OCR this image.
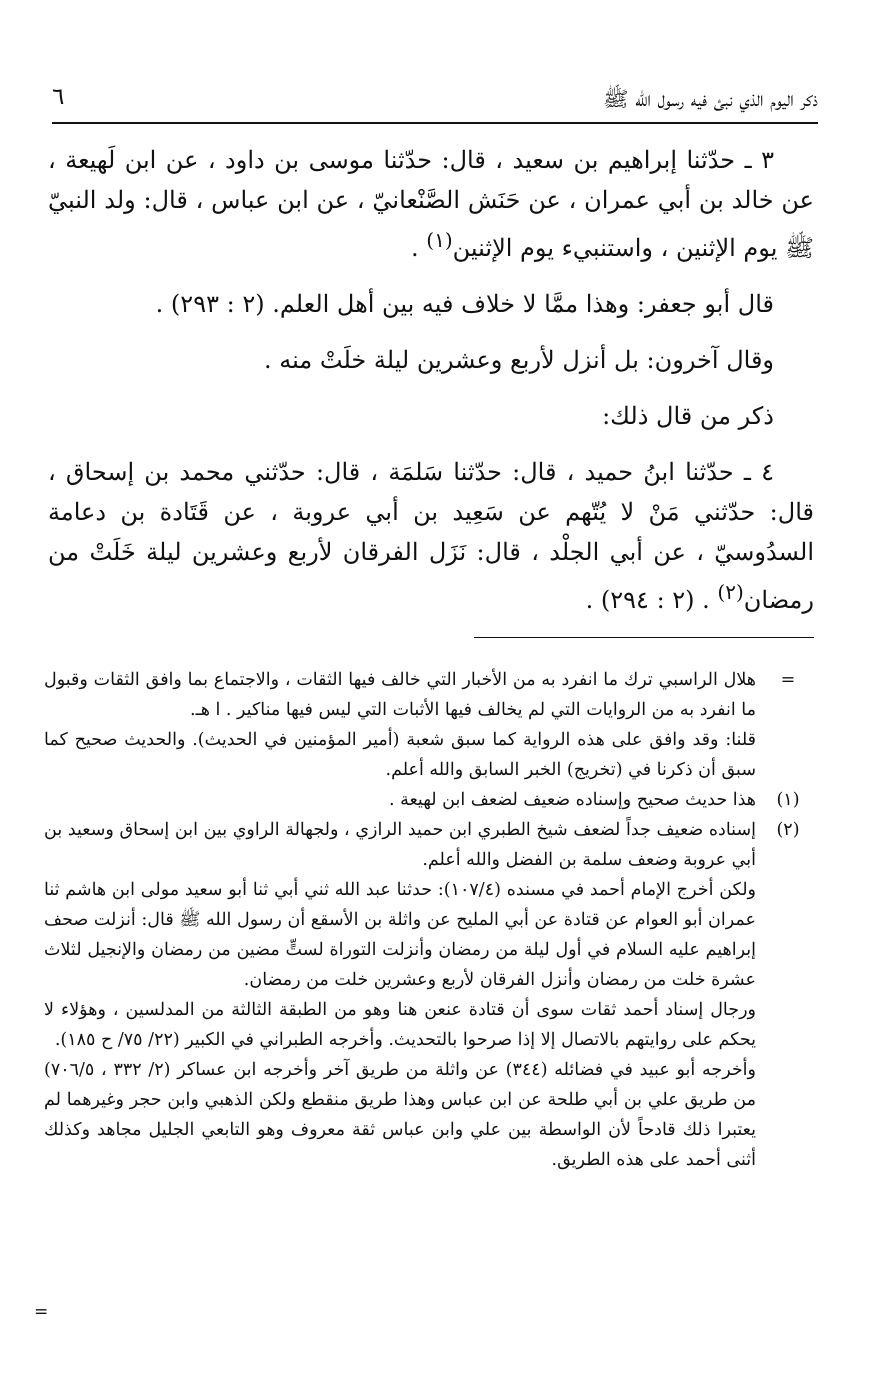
ذكر اليوم الذي نبئ فيه رسول الله ﷺ
٦

٣ ـ حدّثنا إبراهيم بن سعيد ، قال: حدّثنا موسى بن داود ، عن ابن لَهيعة ، عن خالد بن أبي عمران ، عن حَنَش الصَّنْعانيّ ، عن ابن عباس ، قال: ولد النبيّ ﷺ يوم الإثنين ، واستنبيء يوم الإثنين$^{(١)}$ .

قال أبو جعفر: وهذا ممَّا لا خلاف فيه بين أهل العلم. (٢ : ٢٩٣) .

وقال آخرون: بل أنزل لأربع وعشرين ليلة خلَتْ منه .

ذكر من قال ذلك:

٤ ـ حدّثنا ابنُ حميد ، قال: حدّثنا سَلمَة ، قال: حدّثني محمد بن إسحاق ، قال: حدّثني مَنْ لا يُتّهم عن سَعِيد بن أبي عروبة ، عن قَتَادة بن دعامة السدُوسيّ ، عن أبي الجلْد ، قال: نَزَل الفرقان لأربع وعشرين ليلة خَلَتْ من رمضان$^{(٢)}$ . (٢ : ٢٩٤) .

=

هلال الراسبي ترك ما انفرد به من الأخبار التي خالف فيها الثقات ، والاجتماع بما وافق الثقات وقبول ما انفرد به من الروايات التي لم يخالف فيها الأثبات التي ليس فيها مناكير . ا هـ.

قلنا: وقد وافق على هذه الرواية كما سبق شعبة (أمير المؤمنين في الحديث). والحديث صحيح كما سبق أن ذكرنا في (تخريج) الخبر السابق والله أعلم.

(١)

هذا حديث صحيح وإسناده ضعيف لضعف ابن لهيعة .

(٢)

إسناده ضعيف جداً لضعف شيخ الطبري ابن حميد الرازي ، ولجهالة الراوي بين ابن إسحاق وسعيد بن أبي عروبة وضعف سلمة بن الفضل والله أعلم.

ولكن أخرج الإمام أحمد في مسنده (١٠٧/٤): حدثنا عبد الله ثني أبي ثنا أبو سعيد مولى ابن هاشم ثنا عمران أبو العوام عن قتادة عن أبي المليح عن واثلة بن الأسقع أن رسول الله ﷺ قال: أنزلت صحف إبراهيم عليه السلام في أول ليلة من رمضان وأنزلت التوراة لستٍّ مضين من رمضان والإنجيل لثلاث عشرة خلت من رمضان وأنزل الفرقان لأربع وعشرين خلت من رمضان.

ورجال إسناد أحمد ثقات سوى أن قتادة عنعن هنا وهو من الطبقة الثالثة من المدلسين ، وهؤلاء لا يحكم على روايتهم بالاتصال إلا إذا صرحوا بالتحديث. وأخرجه الطبراني في الكبير (٢٢/ ٧٥/ ح ١٨٥).

وأخرجه أبو عبيد في فضائله (٣٤٤) عن واثلة من طريق آخر وأخرجه ابن عساكر (٢/ ٣٣٢ ، ٧٠٦/٥) من طريق علي بن أبي طلحة عن ابن عباس وهذا طريق منقطع ولكن الذهبي وابن حجر وغيرهما لم يعتبرا ذلك قادحاً لأن الواسطة بين علي وابن عباس ثقة معروف وهو التابعي الجليل مجاهد وكذلك أثنى أحمد على هذه الطريق.

=
